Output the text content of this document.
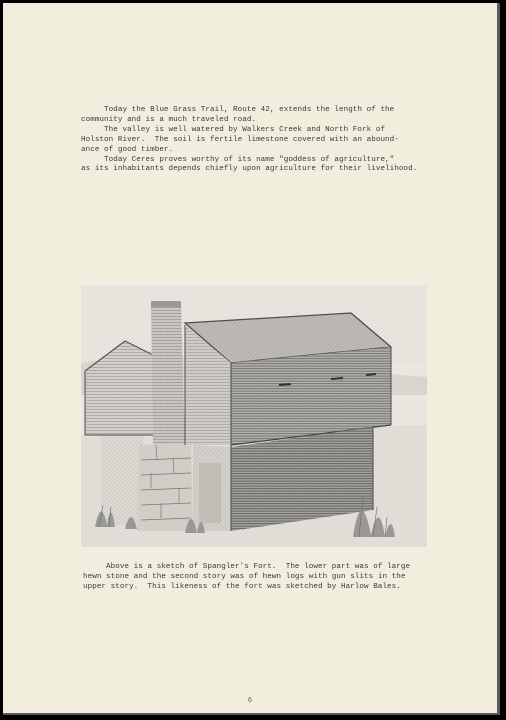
Today the Blue Grass Trail, Route 42, extends the length of the
community and is a much traveled road.
The valley is well watered by Walkers Creek and North Fork of
Holston River.  The soil is fertile limestone covered with an abound-
ance of good timber.
Today Ceres proves worthy of its name "goddess of agriculture,"
as its inhabitants depends chiefly upon agriculture for their livelihood.
Above is a sketch of Spangler's Fort.  The lower part was of large
hewn stone and the second story was of hewn logs with gun slits in the
upper story.  This likeness of the fort was sketched by Harlow Bales.
6
